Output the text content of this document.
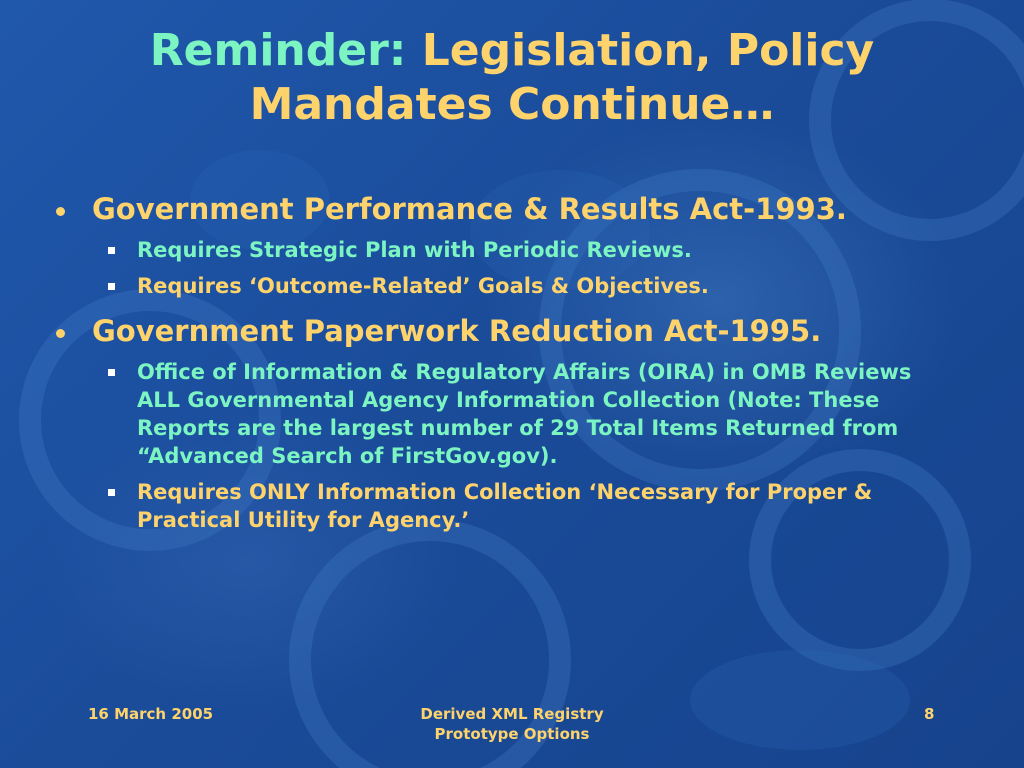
Reminder: Legislation, Policy
Mandates Continue…
Government Performance & Results Act-1993.
Requires Strategic Plan with Periodic Reviews.
Requires ‘Outcome-Related’ Goals & Objectives.
Government Paperwork Reduction Act-1995.
Office of Information & Regulatory Affairs (OIRA) in OMB Reviews ALL Governmental Agency Information Collection (Note: These Reports are the largest number of 29 Total Items Returned from “Advanced Search of FirstGov.gov).
Requires ONLY Information Collection ‘Necessary for Proper & Practical Utility for Agency.’
16 March 2005	Derived XML Registry
Prototype Options
8
